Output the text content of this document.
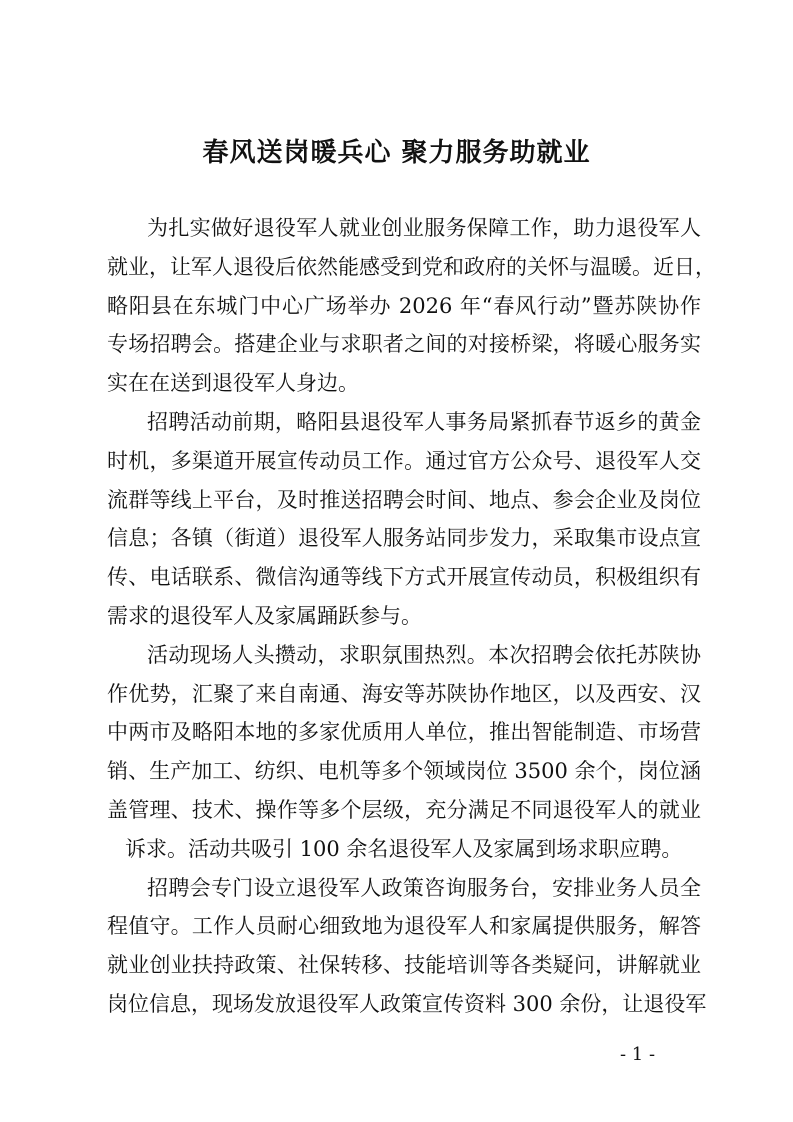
春风送岗暖兵心 聚力服务助就业
为扎实做好退役军人就业创业服务保障工作，助力退役军人
就业，让军人退役后依然能感受到党和政府的关怀与温暖。近日，
略阳县在东城门中心广场举办 2026 年“春风行动”暨苏陕协作
专场招聘会。搭建企业与求职者之间的对接桥梁，将暖心服务实
实在在送到退役军人身边。
招聘活动前期，略阳县退役军人事务局紧抓春节返乡的黄金
时机，多渠道开展宣传动员工作。通过官方公众号、退役军人交
流群等线上平台，及时推送招聘会时间、地点、参会企业及岗位
信息；各镇（街道）退役军人服务站同步发力，采取集市设点宣
传、电话联系、微信沟通等线下方式开展宣传动员，积极组织有
需求的退役军人及家属踊跃参与。
活动现场人头攒动，求职氛围热烈。本次招聘会依托苏陕协
作优势，汇聚了来自南通、海安等苏陕协作地区，以及西安、汉
中两市及略阳本地的多家优质用人单位，推出智能制造、市场营
销、生产加工、纺织、电机等多个领域岗位 3500 余个，岗位涵
盖管理、技术、操作等多个层级，充分满足不同退役军人的就业
诉求。活动共吸引 100 余名退役军人及家属到场求职应聘。
招聘会专门设立退役军人政策咨询服务台，安排业务人员全
程值守。工作人员耐心细致地为退役军人和家属提供服务，解答
就业创业扶持政策、社保转移、技能培训等各类疑问，讲解就业
岗位信息，现场发放退役军人政策宣传资料 300 余份，让退役军
- 1 -
